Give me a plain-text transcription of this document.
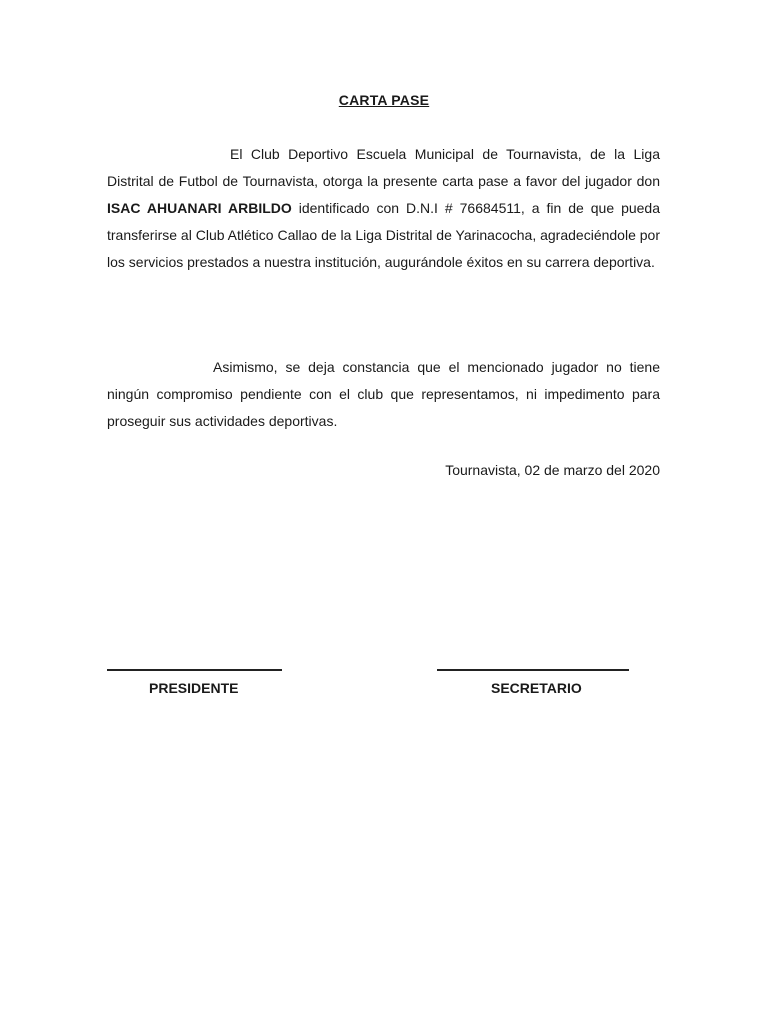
CARTA PASE

El Club Deportivo Escuela Municipal de Tournavista, de la Liga Distrital de Futbol de Tournavista, otorga la presente carta pase a favor del jugador don ISAC AHUANARI ARBILDO identificado con D.N.I # 76684511, a fin de que pueda transferirse al Club Atlético Callao de la Liga Distrital de Yarinacocha, agradeciéndole por los servicios prestados a nuestra institución, augurándole éxitos en su carrera deportiva.

Asimismo, se deja constancia que el mencionado jugador no tiene ningún compromiso pendiente con el club que representamos, ni impedimento para proseguir sus actividades deportivas.

Tournavista, 02 de marzo del 2020
PRESIDENTE	SECRETARIO
